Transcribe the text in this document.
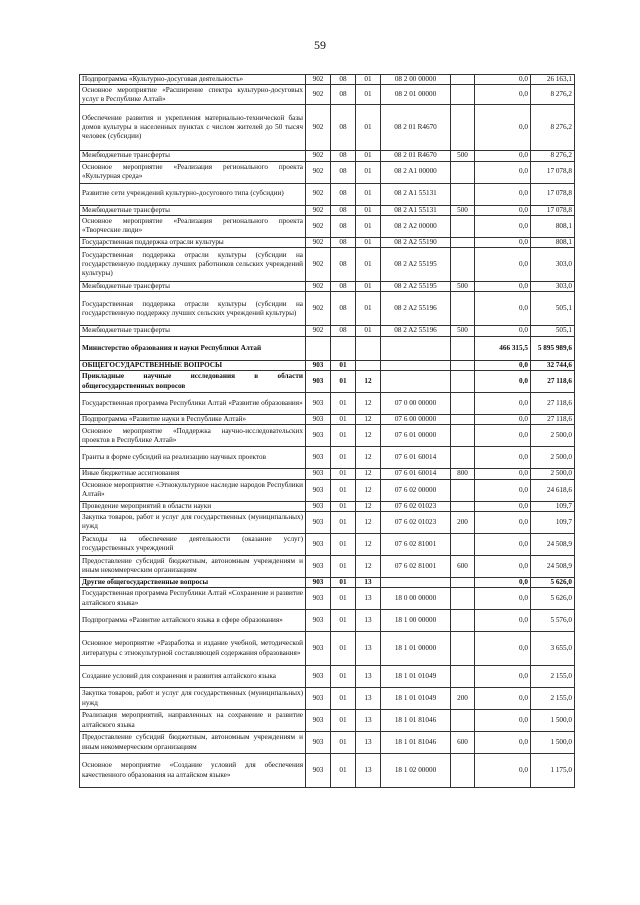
59
Подпрограмма «Культурно-досуговая деятельность»	902	08	01	08 2 00 00000		0,0	26 163,1
Основное мероприятие «Расширение спектра культурно-досуговых услуг в Республике Алтай»	902	08	01	08 2 01 00000		0,0	8 276,2
Обеспечение развития и укрепления материально-технической базы домов культуры в населенных пунктах с числом жителей до 50 тысяч человек (субсидии)	902	08	01	08 2 01 R4670		0,0	8 276,2
Межбюджетные трансферты	902	08	01	08 2 01 R4670	500	0,0	8 276,2
Основное мероприятие «Реализация регионального проекта «Культурная среда»	902	08	01	08 2 A1 00000		0,0	17 078,8
Развитие сети учреждений культурно-досугового типа (субсидии)	902	08	01	08 2 A1 55131		0,0	17 078,8
Межбюджетные трансферты	902	08	01	08 2 A1 55131	500	0,0	17 078,8
Основное мероприятие «Реализация регионального проекта «Творческие люди»	902	08	01	08 2 A2 00000		0,0	808,1
Государственная поддержка отрасли культуры	902	08	01	08 2 A2 55190		0,0	808,1
Государственная поддержка отрасли культуры (субсидии на государственную поддержку лучших работников сельских учреждений культуры)	902	08	01	08 2 A2 55195		0,0	303,0
Межбюджетные трансферты	902	08	01	08 2 A2 55195	500	0,0	303,0
Государственная поддержка отрасли культуры (субсидии на государственную поддержку лучших сельских учреждений культуры)	902	08	01	08 2 A2 55196		0,0	505,1
Межбюджетные трансферты	902	08	01	08 2 A2 55196	500	0,0	505,1
Министерство образования и науки Республики Алтай						466 315,5	5 895 989,6
ОБЩЕГОСУДАРСТВЕННЫЕ ВОПРОСЫ	903	01				0,0	32 744,6
Прикладные научные исследования в области общегосударственных вопросов	903	01	12			0,0	27 118,6
Государственная программа Республики Алтай «Развитие образования»	903	01	12	07 0 00 00000		0,0	27 118,6
Подпрограмма «Развитие науки в Республике Алтай»	903	01	12	07 6 00 00000		0,0	27 118,6
Основное мероприятие «Поддержка научно-исследовательских проектов в Республике Алтай»	903	01	12	07 6 01 00000		0,0	2 500,0
Гранты в форме субсидий на реализацию научных проектов	903	01	12	07 6 01 60014		0,0	2 500,0
Иные бюджетные ассигнования	903	01	12	07 6 01 60014	800	0,0	2 500,0
Основное мероприятие «Этнокультурное наследие народов Республики Алтай»	903	01	12	07 6 02 00000		0,0	24 618,6
Проведение мероприятий в области науки	903	01	12	07 6 02 01023		0,0	109,7
Закупка товаров, работ и услуг для государственных (муниципальных) нужд	903	01	12	07 6 02 01023	200	0,0	109,7
Расходы на обеспечение деятельности (оказание услуг) государственных учреждений	903	01	12	07 6 02 81001		0,0	24 508,9
Предоставление субсидий бюджетным, автономным учреждениям и иным некоммерческим организациям	903	01	12	07 6 02 81001	600	0,0	24 508,9
Другие общегосударственные вопросы	903	01	13			0,0	5 626,0
Государственная программа Республики Алтай «Сохранение и развитие алтайского языка»	903	01	13	18 0 00 00000		0,0	5 626,0
Подпрограмма «Развитие алтайского языка в сфере образования»	903	01	13	18 1 00 00000		0,0	5 576,0
Основное мероприятие «Разработка и издание учебной, методической литературы с этнокультурной составляющей содержания образования»	903	01	13	18 1 01 00000		0,0	3 655,0
Создание условий для сохранения и развития алтайского языка	903	01	13	18 1 01 01049		0,0	2 155,0
Закупка товаров, работ и услуг для государственных (муниципальных) нужд	903	01	13	18 1 01 01049	200	0,0	2 155,0
Реализация мероприятий, направленных на сохранение и развитие алтайского языка	903	01	13	18 1 01 81046		0,0	1 500,0
Предоставление субсидий бюджетным, автономным учреждениям и иным некоммерческим организациям	903	01	13	18 1 01 81046	600	0,0	1 500,0
Основное мероприятие «Создание условий для обеспечения качественного образования на алтайском языке»	903	01	13	18 1 02 00000		0,0	1 175,0
